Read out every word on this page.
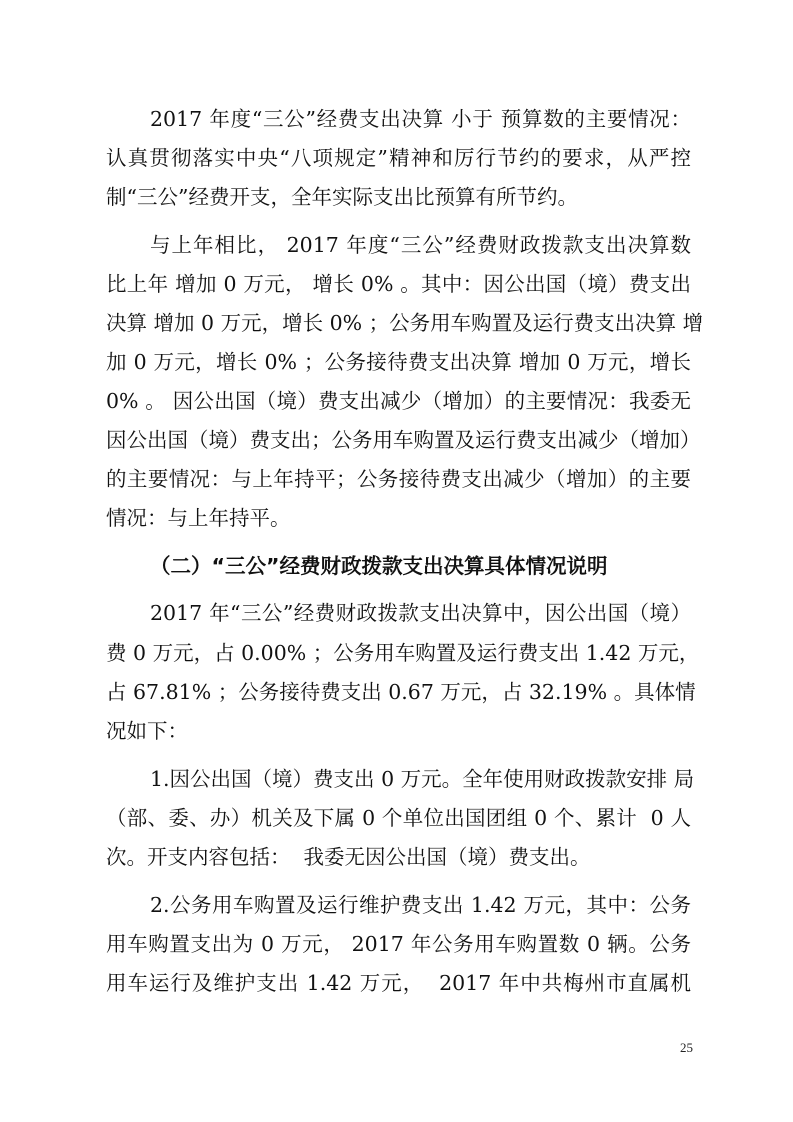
2017 年度“三公”经费支出决算 小于 预算数的主要情况：
认真贯彻落实中央“八项规定”精神和厉行节约的要求，从严控
制“三公”经费开支，全年实际支出比预算有所节约。
与上年相比， 2017 年度“三公”经费财政拨款支出决算数
比上年 增加 0 万元， 增长 0% 。其中：因公出国（境）费支出
决算 增加 0 万元，增长 0% ；公务用车购置及运行费支出决算 增
加 0 万元，增长 0% ；公务接待费支出决算 增加 0 万元，增长
0% 。 因公出国（境）费支出减少（增加）的主要情况：我委无
因公出国（境）费支出；公务用车购置及运行费支出减少（增加）
的主要情况：与上年持平；公务接待费支出减少（增加）的主要
情况：与上年持平。
（二）“三公”经费财政拨款支出决算具体情况说明
2017 年“三公”经费财政拨款支出决算中，因公出国（境）
费 0 万元，占 0.00% ；公务用车购置及运行费支出 1.42 万元，
占 67.81% ；公务接待费支出 0.67 万元，占 32.19% 。具体情
况如下：
1.因公出国（境）费支出 0 万元。全年使用财政拨款安排 局
（部、委、办）机关及下属 0 个单位出国团组 0 个、累计  0 人
次。开支内容包括：  我委无因公出国（境）费支出。
2.公务用车购置及运行维护费支出 1.42 万元，其中：公务
用车购置支出为 0 万元， 2017 年公务用车购置数 0 辆。公务
用车运行及维护支出 1.42 万元，  2017 年中共梅州市直属机
25
